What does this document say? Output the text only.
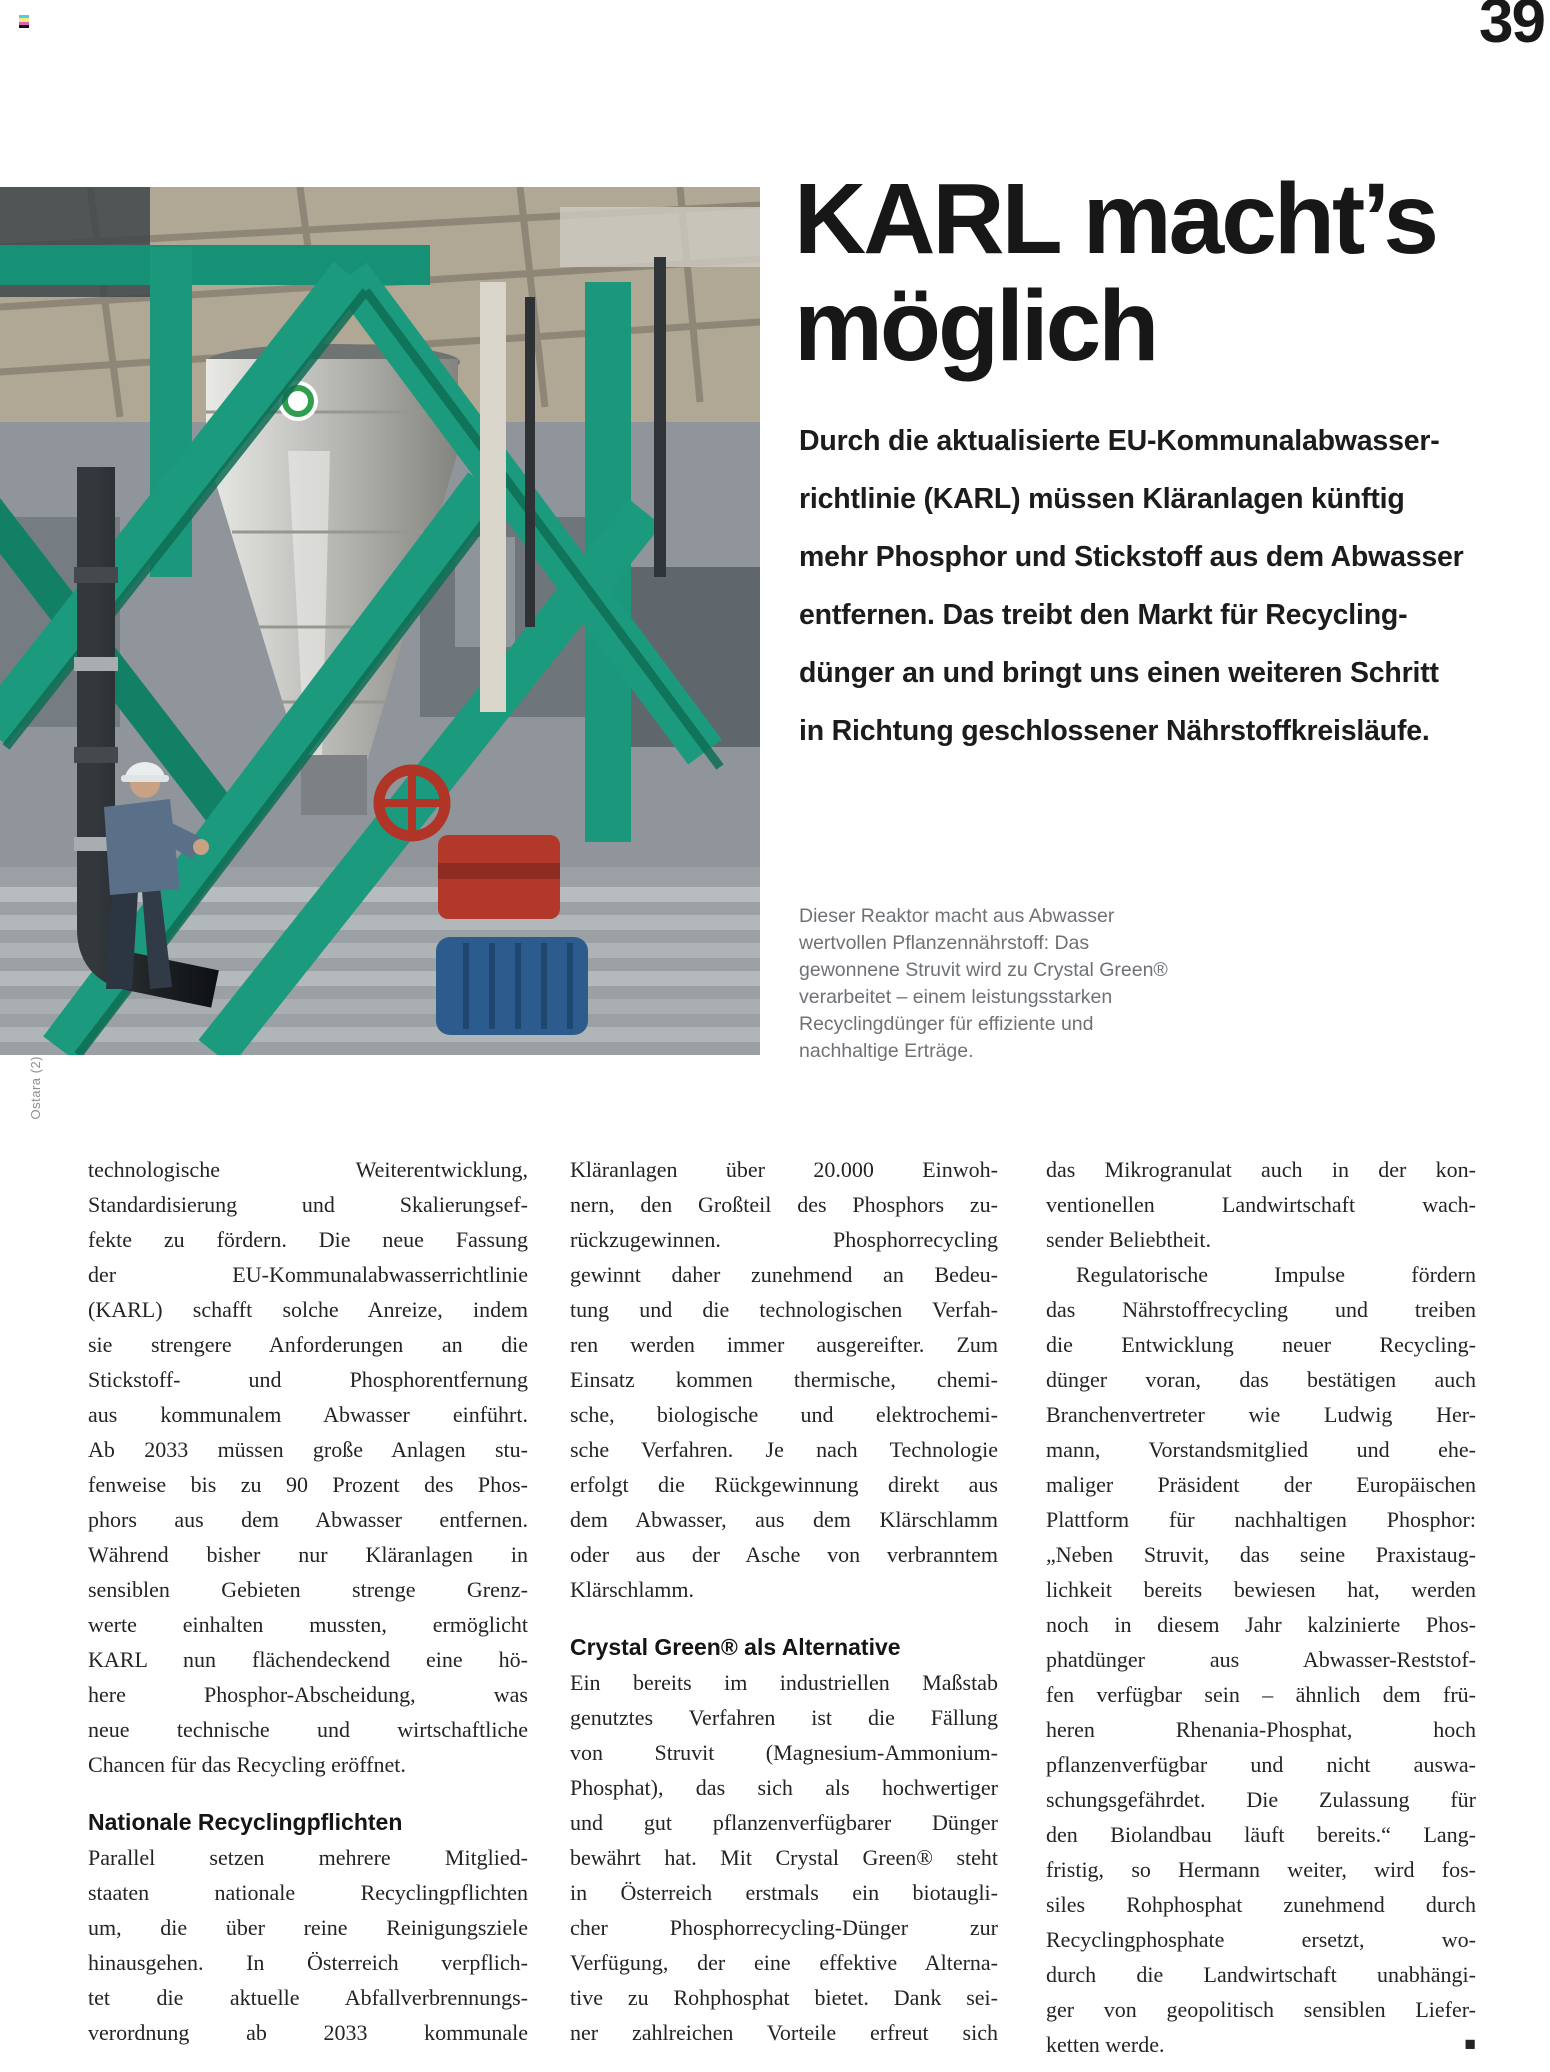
39
Ostara (2)
KARL macht’s
möglich
Durch die aktualisierte EU-Kommunalabwasser-
richtlinie (KARL) müssen Kläranlagen künftig
mehr Phosphor und Stickstoff aus dem Abwasser
entfernen. Das treibt den Markt für Recycling-
dünger an und bringt uns einen weiteren Schritt
in Richtung geschlossener Nährstoffkreisläufe.
Dieser Reaktor macht aus Abwasser
wertvollen Pflanzennährstoff: Das
gewonnene Struvit wird zu Crystal Green®
verarbeitet – einem leistungsstarken
Recyclingdünger für effiziente und
nachhaltige Erträge.
technologische Weiterentwicklung,
Standardisierung und Skalierungsef-
fekte zu fördern. Die neue Fassung
der EU-Kommunalabwasserrichtlinie
(KARL) schafft solche Anreize, indem
sie strengere Anforderungen an die
Stickstoff- und Phosphorentfernung
aus kommunalem Abwasser einführt.
Ab 2033 müssen große Anlagen stu-
fenweise bis zu 90 Prozent des Phos-
phors aus dem Abwasser entfernen.
Während bisher nur Kläranlagen in
sensiblen Gebieten strenge Grenz-
werte einhalten mussten, ermöglicht
KARL nun flächendeckend eine hö-
here Phosphor-Abscheidung, was
neue technische und wirtschaftliche
Chancen für das Recycling eröffnet.
Nationale Recyclingpflichten
Parallel setzen mehrere Mitglied-
staaten nationale Recyclingpflichten
um, die über reine Reinigungsziele
hinausgehen. In Österreich verpflich-
tet die aktuelle Abfallverbrennungs-
verordnung ab 2033 kommunale
Kläranlagen über 20.000 Einwoh-
nern, den Großteil des Phosphors zu-
rückzugewinnen. Phosphorrecycling
gewinnt daher zunehmend an Bedeu-
tung und die technologischen Verfah-
ren werden immer ausgereifter. Zum
Einsatz kommen thermische, chemi-
sche, biologische und elektrochemi-
sche Verfahren. Je nach Technologie
erfolgt die Rückgewinnung direkt aus
dem Abwasser, aus dem Klärschlamm
oder aus der Asche von verbranntem
Klärschlamm.
Crystal Green® als Alternative
Ein bereits im industriellen Maßstab
genutztes Verfahren ist die Fällung
von Struvit (Magnesium-Ammonium-
Phosphat), das sich als hochwertiger
und gut pflanzenverfügbarer Dünger
bewährt hat. Mit Crystal Green® steht
in Österreich erstmals ein biotaugli-
cher Phosphorrecycling-Dünger zur
Verfügung, der eine effektive Alterna-
tive zu Rohphosphat bietet. Dank sei-
ner zahlreichen Vorteile erfreut sich
das Mikrogranulat auch in der kon-
ventionellen Landwirtschaft wach-
sender Beliebtheit.
Regulatorische Impulse fördern
das Nährstoffrecycling und treiben
die Entwicklung neuer Recycling-
dünger voran, das bestätigen auch
Branchenvertreter wie Ludwig Her-
mann, Vorstandsmitglied und ehe-
maliger Präsident der Europäischen
Plattform für nachhaltigen Phosphor:
„Neben Struvit, das seine Praxistaug-
lichkeit bereits bewiesen hat, werden
noch in diesem Jahr kalzinierte Phos-
phatdünger aus Abwasser-Reststof-
fen verfügbar sein – ähnlich dem frü-
heren Rhenania-Phosphat, hoch
pflanzenverfügbar und nicht auswa-
schungsgefährdet. Die Zulassung für
den Biolandbau läuft bereits.“ Lang-
fristig, so Hermann weiter, wird fos-
siles Rohphosphat zunehmend durch
Recyclingphosphate ersetzt, wo-
durch die Landwirtschaft unabhängi-
ger von geopolitisch sensiblen Liefer-
ketten werde.	■
